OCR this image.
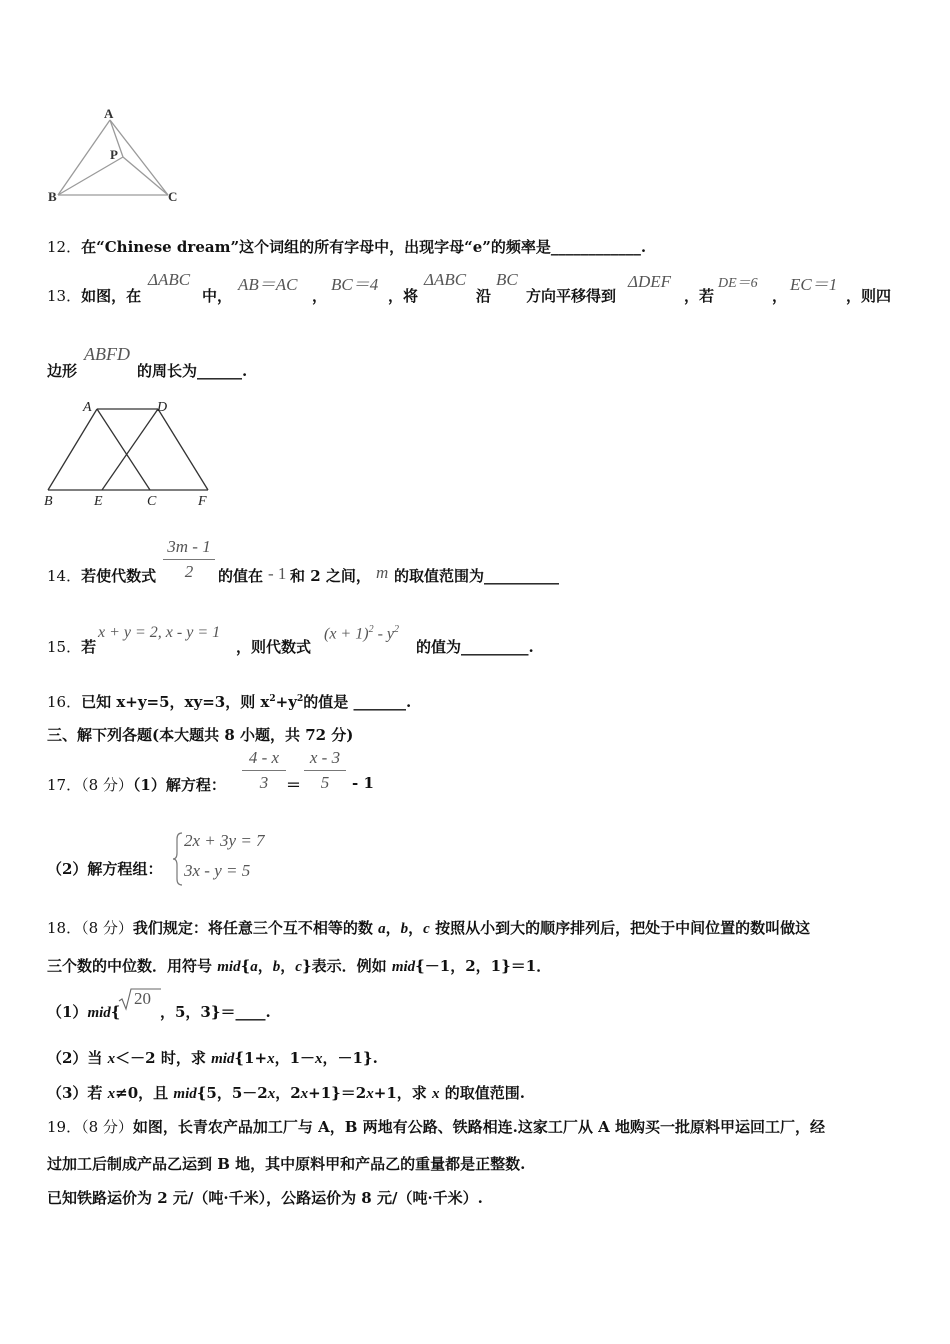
A
B	C
P
12．在“Chinese dream”这个词组的所有字母中，出现字母“e”的频率是____________.
13．如图，在
ΔABC
中，
AB＝AC
，
BC＝4
，将
ΔABC
沿
BC
方向平移得到
ΔDEF
，若
DE＝6
，
EC＝1
，则四
边形
ABFD
的周长为______.
A	D
B	E	C	F
14．若使代数式
3m - 1
2	的值在 - 1 和 2 之间， m 的取值范围为__________
15．若
x + y = 2, x - y = 1
，则代数式
$(x + 1)^2 - y^2$
的值为_________.
16．已知 x+y=5，xy=3，则 $x^2+y^2$的值是 _______.
三、解下列各题(本大题共 8 小题，共 72 分)
17．（8 分）（1）解方程：
4 - x
3	＝
x - 3
5	- 1
（2）解方程组：
2x + 3y = 7
3x - y = 5
18．（8 分）我们规定：将任意三个互不相等的数 a，b，c 按照从小到大的顺序排列后，把处于中间位置的数叫做这
三个数的中位数．用符号 mid{a，b，c}表示．例如 mid{－1，2，1}＝1．
（1）mid{
20
，5，3}＝____.
（2）当 x＜－2 时，求 mid{1+x，1－x，－1}.
（3）若 x≠0，且 mid{5，5－2x，2x+1}＝2x+1，求 x 的取值范围.
19．（8 分）如图，长青农产品加工厂与 A，B 两地有公路、铁路相连.这家工厂从 A 地购买一批原料甲运回工厂，经
过加工后制成产品乙运到 B 地，其中原料甲和产品乙的重量都是正整数.
已知铁路运价为 2 元/（吨·千米），公路运价为 8 元/（吨·千米）.
